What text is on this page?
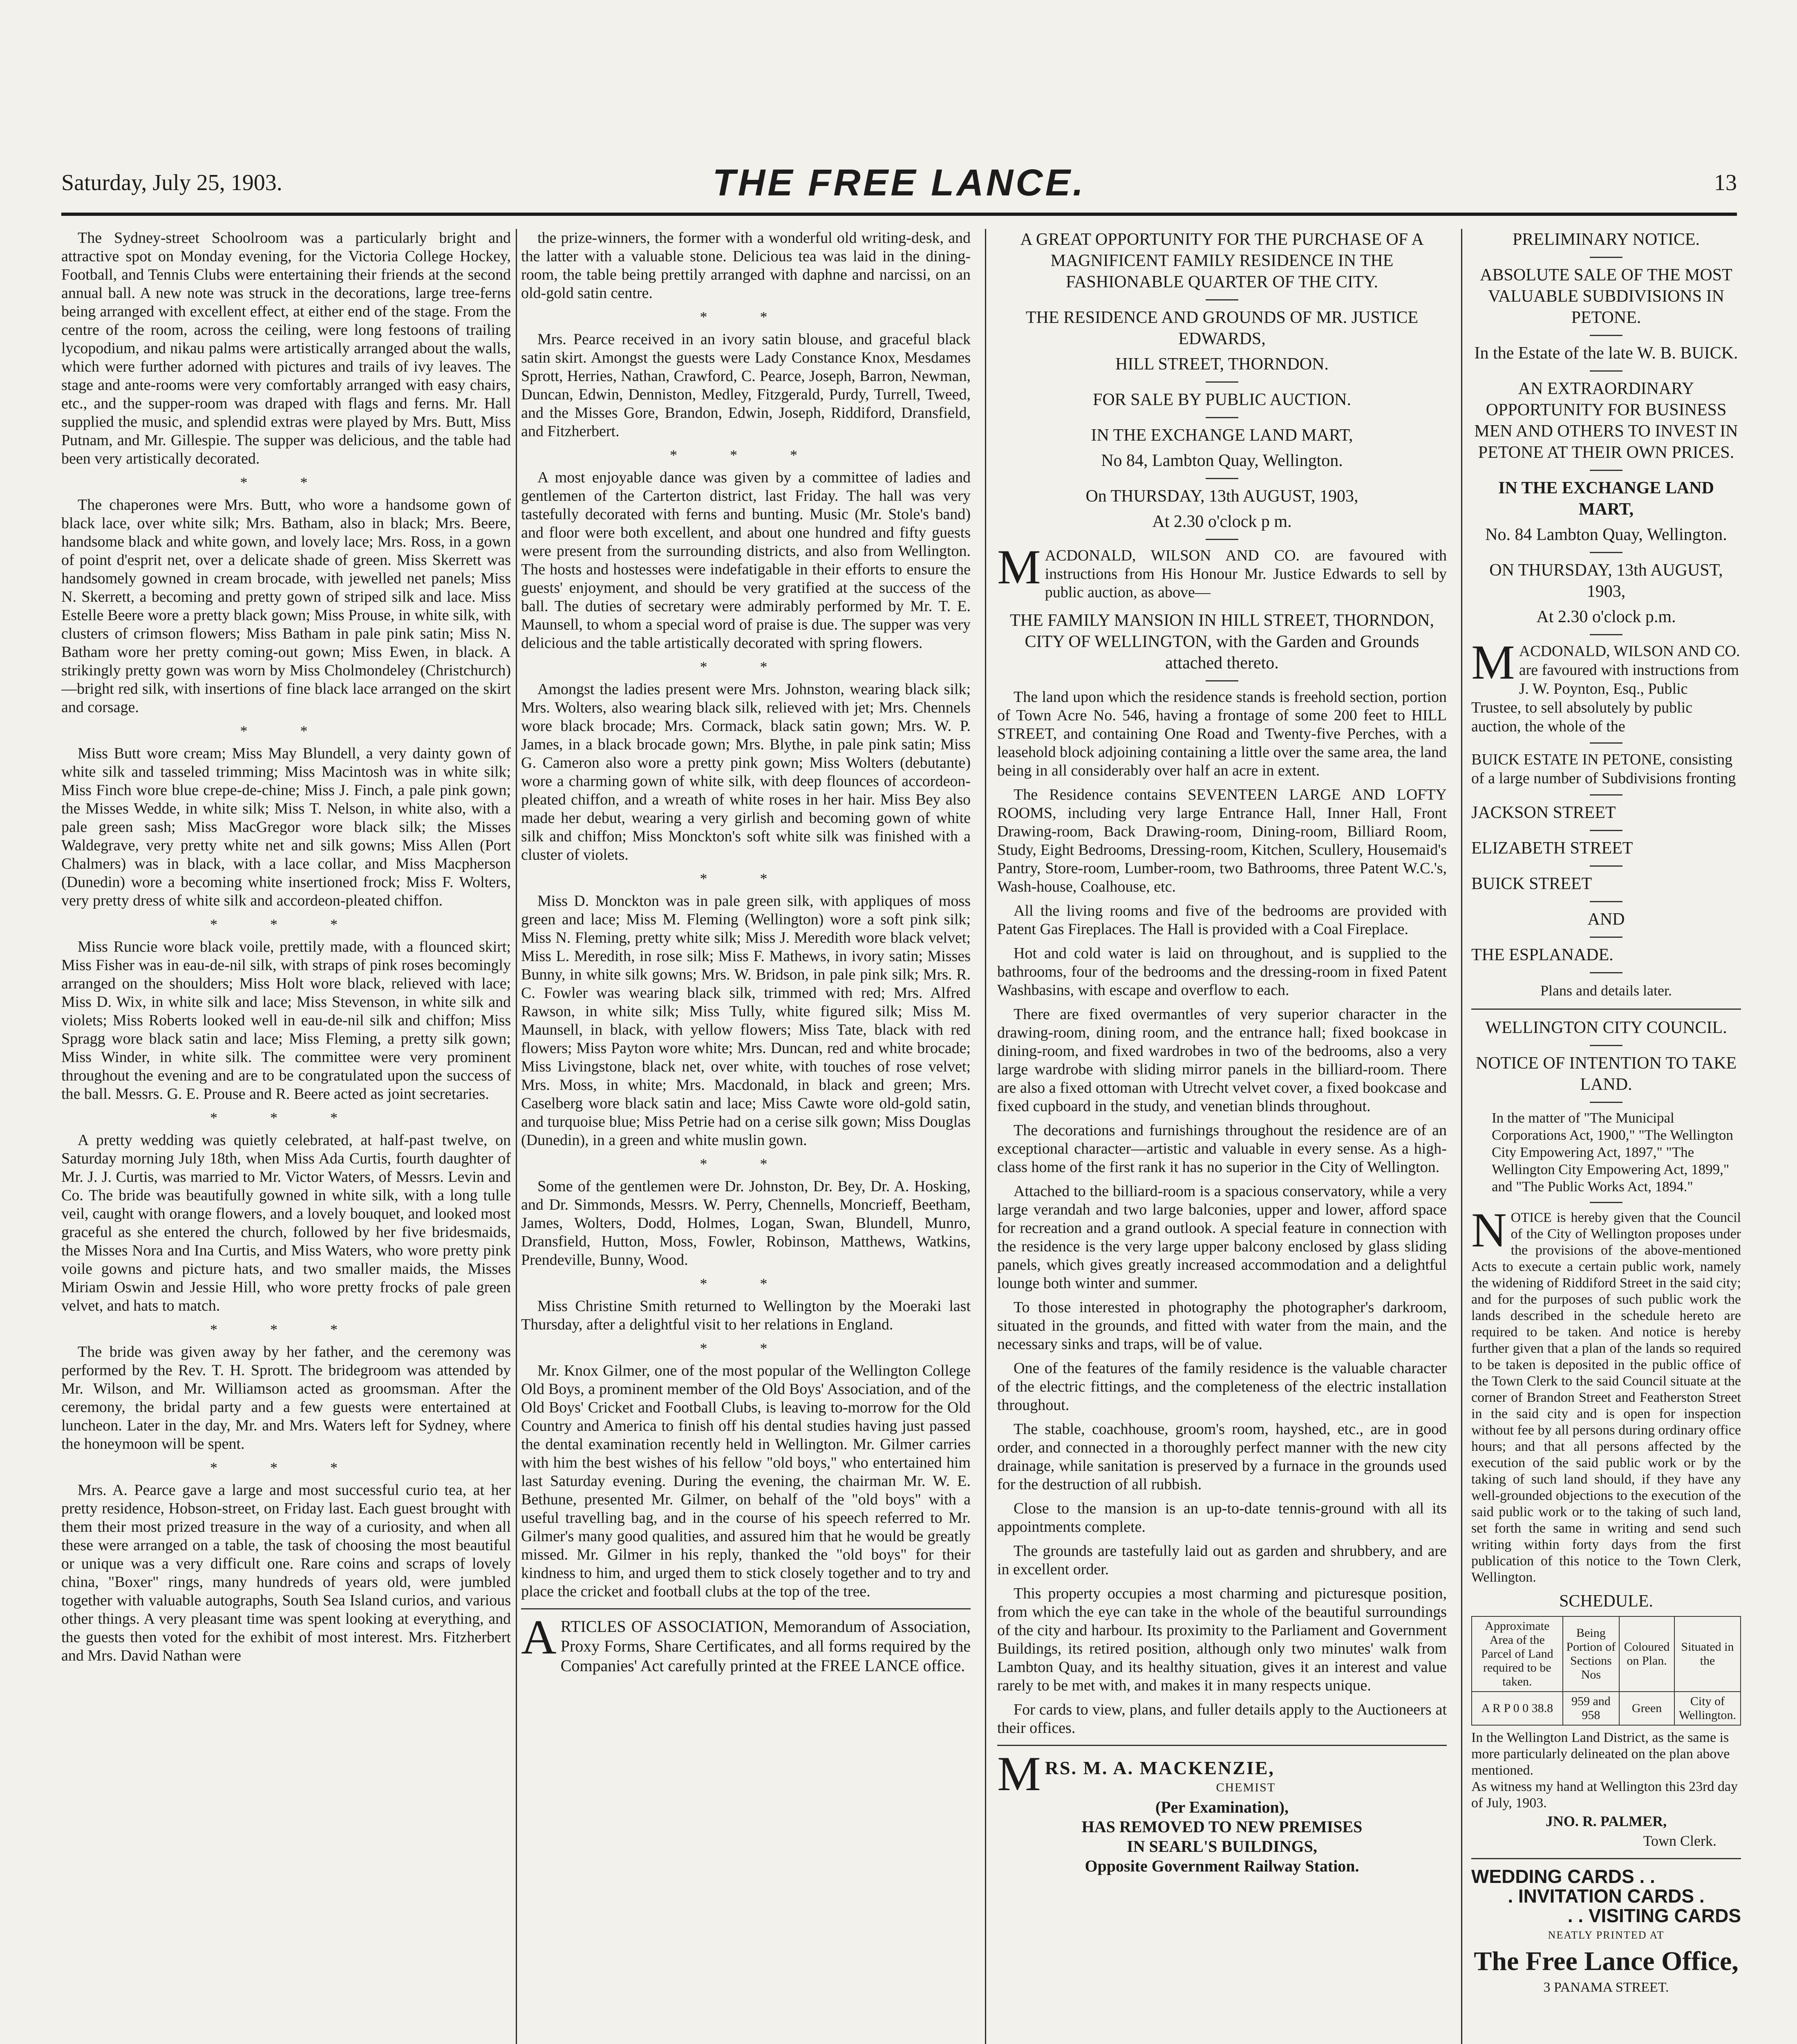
Saturday, July 25, 1903.	THE FREE LANCE.	13

The Sydney-street Schoolroom was a particularly bright and attractive spot on Monday evening, for the Victoria College Hockey, Football, and Tennis Clubs were entertaining their friends at the second annual ball. A new note was struck in the decorations, large tree-ferns being arranged with excellent effect, at either end of the stage. From the centre of the room, across the ceiling, were long festoons of trailing lycopodium, and nikau palms were artistically arranged about the walls, which were further adorned with pictures and trails of ivy leaves. The stage and ante-rooms were very comfortably arranged with easy chairs, etc., and the supper-room was draped with flags and ferns. Mr. Hall supplied the music, and splendid extras were played by Mrs. Butt, Miss Putnam, and Mr. Gillespie. The supper was delicious, and the table had been very artistically decorated.

* *

The chaperones were Mrs. Butt, who wore a handsome gown of black lace, over white silk; Mrs. Batham, also in black; Mrs. Beere, handsome black and white gown, and lovely lace; Mrs. Ross, in a gown of point d'esprit net, over a delicate shade of green. Miss Skerrett was handsomely gowned in cream brocade, with jewelled net panels; Miss N. Skerrett, a becoming and pretty gown of striped silk and lace. Miss Estelle Beere wore a pretty black gown; Miss Prouse, in white silk, with clusters of crimson flowers; Miss Batham in pale pink satin; Miss N. Batham wore her pretty coming-out gown; Miss Ewen, in black. A strikingly pretty gown was worn by Miss Cholmondeley (Christchurch)—bright red silk, with insertions of fine black lace arranged on the skirt and corsage.

* *

Miss Butt wore cream; Miss May Blundell, a very dainty gown of white silk and tasseled trimming; Miss Macintosh was in white silk; Miss Finch wore blue crepe-de-chine; Miss J. Finch, a pale pink gown; the Misses Wedde, in white silk; Miss T. Nelson, in white also, with a pale green sash; Miss MacGregor wore black silk; the Misses Waldegrave, very pretty white net and silk gowns; Miss Allen (Port Chalmers) was in black, with a lace collar, and Miss Macpherson (Dunedin) wore a becoming white insertioned frock; Miss F. Wolters, very pretty dress of white silk and accordeon-pleated chiffon.

* * *

Miss Runcie wore black voile, prettily made, with a flounced skirt; Miss Fisher was in eau-de-nil silk, with straps of pink roses becomingly arranged on the shoulders; Miss Holt wore black, relieved with lace; Miss D. Wix, in white silk and lace; Miss Stevenson, in white silk and violets; Miss Roberts looked well in eau-de-nil silk and chiffon; Miss Spragg wore black satin and lace; Miss Fleming, a pretty silk gown; Miss Winder, in white silk. The committee were very prominent throughout the evening and are to be congratulated upon the success of the ball. Messrs. G. E. Prouse and R. Beere acted as joint secretaries.

* * *

A pretty wedding was quietly celebrated, at half-past twelve, on Saturday morning July 18th, when Miss Ada Curtis, fourth daughter of Mr. J. J. Curtis, was married to Mr. Victor Waters, of Messrs. Levin and Co. The bride was beautifully gowned in white silk, with a long tulle veil, caught with orange flowers, and a lovely bouquet, and looked most graceful as she entered the church, followed by her five bridesmaids, the Misses Nora and Ina Curtis, and Miss Waters, who wore pretty pink voile gowns and picture hats, and two smaller maids, the Misses Miriam Oswin and Jessie Hill, who wore pretty frocks of pale green velvet, and hats to match.

* * *

The bride was given away by her father, and the ceremony was performed by the Rev. T. H. Sprott. The bridegroom was attended by Mr. Wilson, and Mr. Williamson acted as groomsman. After the ceremony, the bridal party and a few guests were entertained at luncheon. Later in the day, Mr. and Mrs. Waters left for Sydney, where the honeymoon will be spent.

* * *

Mrs. A. Pearce gave a large and most successful curio tea, at her pretty residence, Hobson-street, on Friday last. Each guest brought with them their most prized treasure in the way of a curiosity, and when all these were arranged on a table, the task of choosing the most beautiful or unique was a very difficult one. Rare coins and scraps of lovely china, "Boxer" rings, many hundreds of years old, were jumbled together with valuable autographs, South Sea Island curios, and various other things. A very pleasant time was spent looking at everything, and the guests then voted for the exhibit of most interest. Mrs. Fitzherbert and Mrs. David Nathan were

the prize-winners, the former with a wonderful old writing-desk, and the latter with a valuable stone. Delicious tea was laid in the dining-room, the table being prettily arranged with daphne and narcissi, on an old-gold satin centre.

* *

Mrs. Pearce received in an ivory satin blouse, and graceful black satin skirt. Amongst the guests were Lady Constance Knox, Mesdames Sprott, Herries, Nathan, Crawford, C. Pearce, Joseph, Barron, Newman, Duncan, Edwin, Denniston, Medley, Fitzgerald, Purdy, Turrell, Tweed, and the Misses Gore, Brandon, Edwin, Joseph, Riddiford, Dransfield, and Fitzherbert.

* * *

A most enjoyable dance was given by a committee of ladies and gentlemen of the Carterton district, last Friday. The hall was very tastefully decorated with ferns and bunting. Music (Mr. Stole's band) and floor were both excellent, and about one hundred and fifty guests were present from the surrounding districts, and also from Wellington. The hosts and hostesses were indefatigable in their efforts to ensure the guests' enjoyment, and should be very gratified at the success of the ball. The duties of secretary were admirably performed by Mr. T. E. Maunsell, to whom a special word of praise is due. The supper was very delicious and the table artistically decorated with spring flowers.

* *

Amongst the ladies present were Mrs. Johnston, wearing black silk; Mrs. Wolters, also wearing black silk, relieved with jet; Mrs. Chennels wore black brocade; Mrs. Cormack, black satin gown; Mrs. W. P. James, in a black brocade gown; Mrs. Blythe, in pale pink satin; Miss G. Cameron also wore a pretty pink gown; Miss Wolters (debutante) wore a charming gown of white silk, with deep flounces of accordeon-pleated chiffon, and a wreath of white roses in her hair. Miss Bey also made her debut, wearing a very girlish and becoming gown of white silk and chiffon; Miss Monckton's soft white silk was finished with a cluster of violets.

* *

Miss D. Monckton was in pale green silk, with appliques of moss green and lace; Miss M. Fleming (Wellington) wore a soft pink silk; Miss N. Fleming, pretty white silk; Miss J. Meredith wore black velvet; Miss L. Meredith, in rose silk; Miss F. Mathews, in ivory satin; Misses Bunny, in white silk gowns; Mrs. W. Bridson, in pale pink silk; Mrs. R. C. Fowler was wearing black silk, trimmed with red; Mrs. Alfred Rawson, in white silk; Miss Tully, white figured silk; Miss M. Maunsell, in black, with yellow flowers; Miss Tate, black with red flowers; Miss Payton wore white; Mrs. Duncan, red and white brocade; Miss Livingstone, black net, over white, with touches of rose velvet; Mrs. Moss, in white; Mrs. Macdonald, in black and green; Mrs. Caselberg wore black satin and lace; Miss Cawte wore old-gold satin, and turquoise blue; Miss Petrie had on a cerise silk gown; Miss Douglas (Dunedin), in a green and white muslin gown.

* *

Some of the gentlemen were Dr. Johnston, Dr. Bey, Dr. A. Hosking, and Dr. Simmonds, Messrs. W. Perry, Chennells, Moncrieff, Beetham, James, Wolters, Dodd, Holmes, Logan, Swan, Blundell, Munro, Dransfield, Hutton, Moss, Fowler, Robinson, Matthews, Watkins, Prendeville, Bunny, Wood.

* *

Miss Christine Smith returned to Wellington by the Moeraki last Thursday, after a delightful visit to her relations in England.

* *

Mr. Knox Gilmer, one of the most popular of the Wellington College Old Boys, a prominent member of the Old Boys' Association, and of the Old Boys' Cricket and Football Clubs, is leaving to-morrow for the Old Country and America to finish off his dental studies having just passed the dental examination recently held in Wellington. Mr. Gilmer carries with him the best wishes of his fellow "old boys," who entertained him last Saturday evening. During the evening, the chairman Mr. W. E. Bethune, presented Mr. Gilmer, on behalf of the "old boys" with a useful travelling bag, and in the course of his speech referred to Mr. Gilmer's many good qualities, and assured him that he would be greatly missed. Mr. Gilmer in his reply, thanked the "old boys" for their kindness to him, and urged them to stick closely together and to try and place the cricket and football clubs at the top of the tree.

A RTICLES OF ASSOCIATION, Memorandum of Association, Proxy Forms, Share Certificates, and all forms required by the Companies' Act carefully printed at the FREE LANCE office.

A GREAT OPPORTUNITY FOR THE PURCHASE OF A MAGNIFICENT FAMILY RESIDENCE IN THE FASHIONABLE QUARTER OF THE CITY.

THE RESIDENCE AND GROUNDS OF MR. JUSTICE EDWARDS,

HILL STREET, THORNDON.

FOR SALE BY PUBLIC AUCTION.

IN THE EXCHANGE LAND MART,

No 84, Lambton Quay, Wellington.

On THURSDAY, 13th AUGUST, 1903,

At 2.30 o'clock p m.

M ACDONALD, WILSON AND CO. are favoured with instructions from His Honour Mr. Justice Edwards to sell by public auction, as above—

THE FAMILY MANSION IN HILL STREET, THORNDON, CITY OF WELLINGTON, with the Garden and Grounds attached thereto.

The land upon which the residence stands is freehold section, portion of Town Acre No. 546, having a frontage of some 200 feet to HILL STREET, and containing One Road and Twenty-five Perches, with a leasehold block adjoining containing a little over the same area, the land being in all considerably over half an acre in extent.

The Residence contains SEVENTEEN LARGE AND LOFTY ROOMS, including very large Entrance Hall, Inner Hall, Front Drawing-room, Back Drawing-room, Dining-room, Billiard Room, Study, Eight Bedrooms, Dressing-room, Kitchen, Scullery, Housemaid's Pantry, Store-room, Lumber-room, two Bathrooms, three Patent W.C.'s, Wash-house, Coalhouse, etc.

All the living rooms and five of the bedrooms are provided with Patent Gas Fireplaces. The Hall is provided with a Coal Fireplace.

Hot and cold water is laid on throughout, and is supplied to the bathrooms, four of the bedrooms and the dressing-room in fixed Patent Washbasins, with escape and overflow to each.

There are fixed overmantles of very superior character in the drawing-room, dining room, and the entrance hall; fixed bookcase in dining-room, and fixed wardrobes in two of the bedrooms, also a very large wardrobe with sliding mirror panels in the billiard-room. There are also a fixed ottoman with Utrecht velvet cover, a fixed bookcase and fixed cupboard in the study, and venetian blinds throughout.

The decorations and furnishings throughout the residence are of an exceptional character—artistic and valuable in every sense. As a high-class home of the first rank it has no superior in the City of Wellington.

Attached to the billiard-room is a spacious conservatory, while a very large verandah and two large balconies, upper and lower, afford space for recreation and a grand outlook. A special feature in connection with the residence is the very large upper balcony enclosed by glass sliding panels, which gives greatly increased accommodation and a delightful lounge both winter and summer.

To those interested in photography the photographer's darkroom, situated in the grounds, and fitted with water from the main, and the necessary sinks and traps, will be of value.

One of the features of the family residence is the valuable character of the electric fittings, and the completeness of the electric installation throughout.

The stable, coachhouse, groom's room, hayshed, etc., are in good order, and connected in a thoroughly perfect manner with the new city drainage, while sanitation is preserved by a furnace in the grounds used for the destruction of all rubbish.

Close to the mansion is an up-to-date tennis-ground with all its appointments complete.

The grounds are tastefully laid out as garden and shrubbery, and are in excellent order.

This property occupies a most charming and picturesque position, from which the eye can take in the whole of the beautiful surroundings of the city and harbour. Its proximity to the Parliament and Government Buildings, its retired position, although only two minutes' walk from Lambton Quay, and its healthy situation, gives it an interest and value rarely to be met with, and makes it in many respects unique.

For cards to view, plans, and fuller details apply to the Auctioneers at their offices.

M RS. M. A. MACKENZIE,

CHEMIST

(Per Examination),

HAS REMOVED TO NEW PREMISES

IN SEARL'S BUILDINGS,

Opposite Government Railway Station.

PRELIMINARY NOTICE.

ABSOLUTE SALE OF THE MOST VALUABLE SUBDIVISIONS IN PETONE.

In the Estate of the late W. B. BUICK.

AN EXTRAORDINARY OPPORTUNITY FOR BUSINESS MEN AND OTHERS TO INVEST IN PETONE AT THEIR OWN PRICES.

IN THE EXCHANGE LAND MART,

No. 84 Lambton Quay, Wellington.

ON THURSDAY, 13th AUGUST, 1903,

At 2.30 o'clock p.m.

M ACDONALD, WILSON AND CO. are favoured with instructions from J. W. Poynton, Esq., Public Trustee, to sell absolutely by public auction, the whole of the

BUICK ESTATE IN PETONE, consisting of a large number of Subdivisions fronting

JACKSON STREET

ELIZABETH STREET

BUICK STREET

AND

THE ESPLANADE.

Plans and details later.

WELLINGTON CITY COUNCIL.

NOTICE OF INTENTION TO TAKE LAND.

In the matter of "The Municipal Corporations Act, 1900," "The Wellington City Empowering Act, 1897," "The Wellington City Empowering Act, 1899," and "The Public Works Act, 1894."

N OTICE is hereby given that the Council of the City of Wellington proposes under the provisions of the above-mentioned Acts to execute a certain public work, namely the widening of Riddiford Street in the said city; and for the purposes of such public work the lands described in the schedule hereto are required to be taken. And notice is hereby further given that a plan of the lands so required to be taken is deposited in the public office of the Town Clerk to the said Council situate at the corner of Brandon Street and Featherston Street in the said city and is open for inspection without fee by all persons during ordinary office hours; and that all persons affected by the execution of the said public work or by the taking of such land should, if they have any well-grounded objections to the execution of the said public work or to the taking of such land, set forth the same in writing and send such writing within forty days from the first publication of this notice to the Town Clerk, Wellington.

SCHEDULE.

Approximate Area of the Parcel of Land required to be taken.	Being Portion of Sections Nos	Coloured on Plan.	Situated in the
A R P 0 0 38.8	959 and 958	Green	City of Wellington.

In the Wellington Land District, as the same is more particularly delineated on the plan above mentioned.

As witness my hand at Wellington this 23rd day of July, 1903.

JNO. R. PALMER,

Town Clerk.

WEDDING CARDS . .

. INVITATION CARDS .

. . VISITING CARDS

NEATLY PRINTED AT

The Free Lance Office,

3 PANAMA STREET.
